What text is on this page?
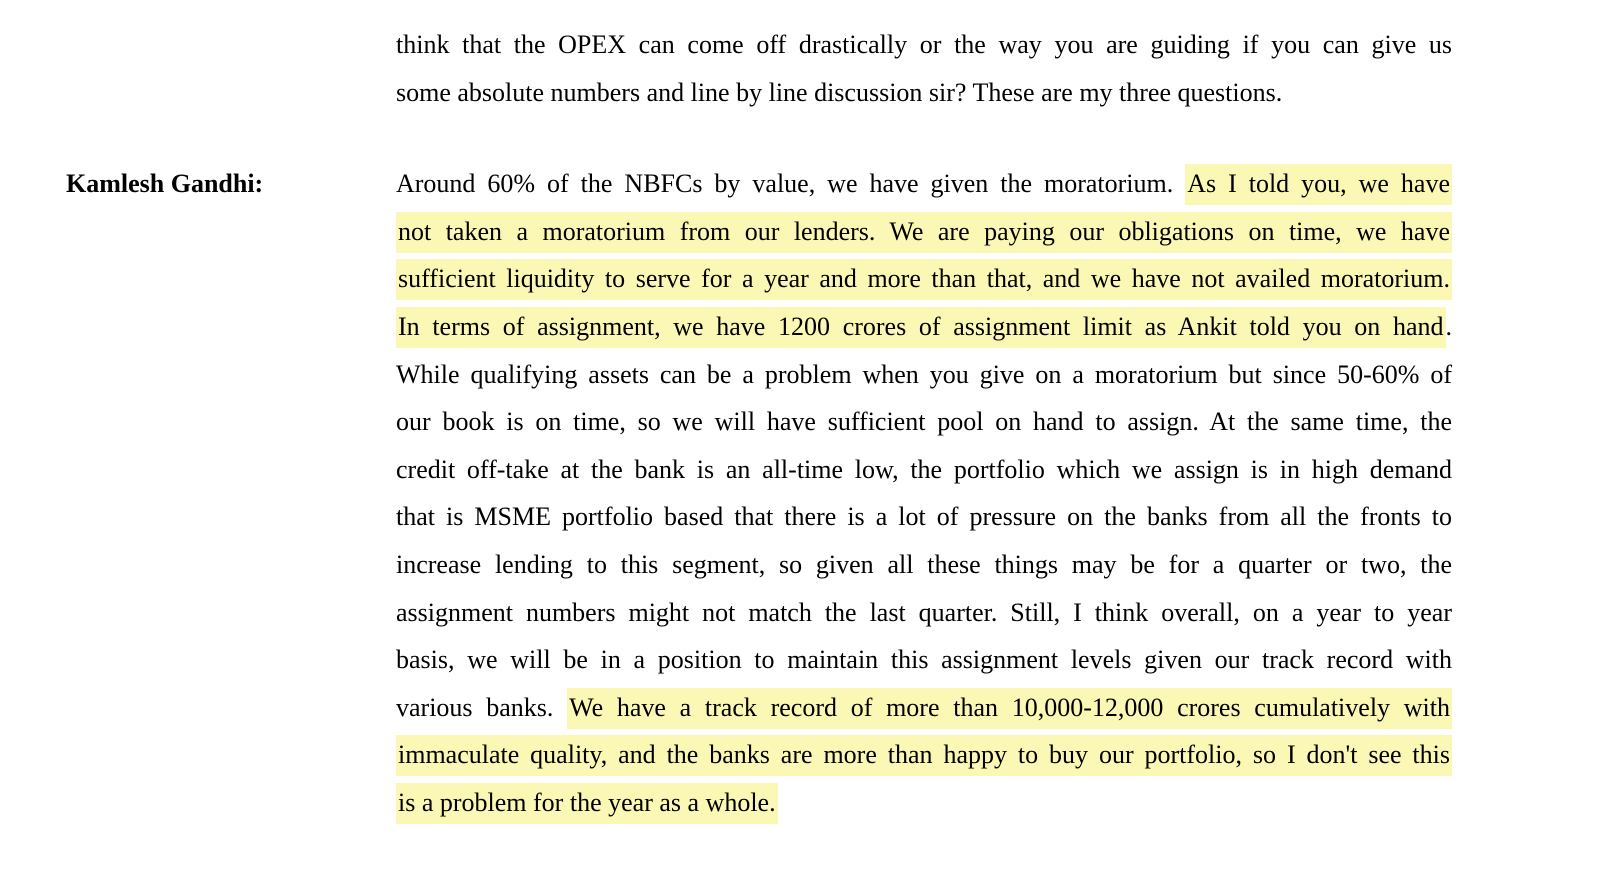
think that the OPEX can come off drastically or the way you are guiding if you can give us
some absolute numbers and line by line discussion sir? These are my three questions.
Kamlesh Gandhi:	Around 60% of the NBFCs by value, we have given the moratorium. As I told you, we have
not taken a moratorium from our lenders. We are paying our obligations on time, we have
sufficient liquidity to serve for a year and more than that, and we have not availed moratorium.
In terms of assignment, we have 1200 crores of assignment limit as Ankit told you on hand.
While qualifying assets can be a problem when you give on a moratorium but since 50-60% of
our book is on time, so we will have sufficient pool on hand to assign. At the same time, the
credit off-take at the bank is an all-time low, the portfolio which we assign is in high demand
that is MSME portfolio based that there is a lot of pressure on the banks from all the fronts to
increase lending to this segment, so given all these things may be for a quarter or two, the
assignment numbers might not match the last quarter. Still, I think overall, on a year to year
basis, we will be in a position to maintain this assignment levels given our track record with
various banks. We have a track record of more than 10,000-12,000 crores cumulatively with
immaculate quality, and the banks are more than happy to buy our portfolio, so I don't see this
is a problem for the year as a whole.
